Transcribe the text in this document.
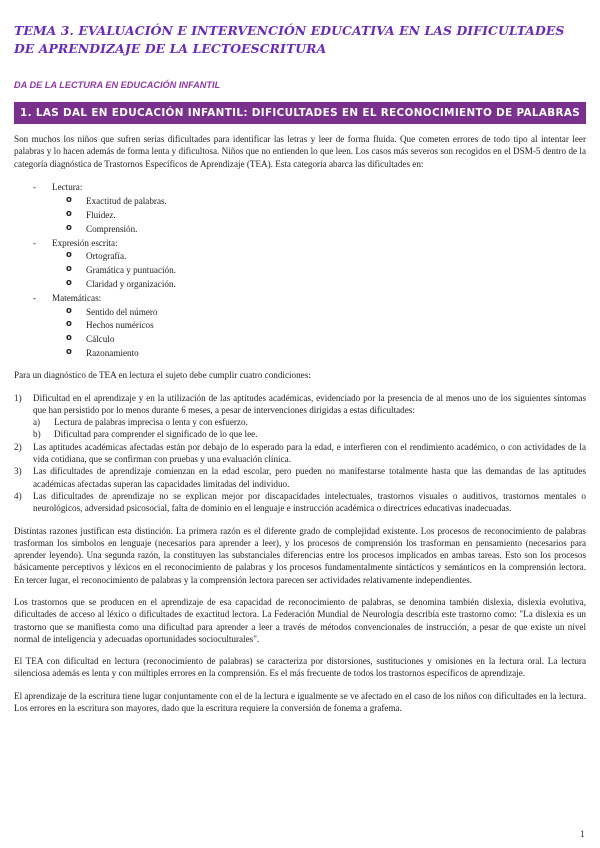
TEMA 3. EVALUACIÓN E INTERVENCIÓN EDUCATIVA EN LAS DIFICULTADES DE APRENDIZAJE DE LA LECTOESCRITURA
DA DE LA LECTURA EN EDUCACIÓN INFANTIL
1. LAS DAL EN EDUCACIÓN INFANTIL: DIFICULTADES EN EL RECONOCIMIENTO DE PALABRAS

Son muchos los niños que sufren serias dificultades para identificar las letras y leer de forma fluida. Que cometen errores de todo tipo al intentar leer palabras y lo hacen además de forma lenta y dificultosa. Niños que no entienden lo que leen. Los casos más severos son recogidos en el DSM-5 dentro de la categoría diagnóstica de Trastornos Específicos de Aprendizaje (TEA). Esta categoría abarca las dificultades en:

- Lectura:
o Exactitud de palabras.
o Fluidez.
o Comprensión.
- Expresión escrita:
o Ortografía.
o Gramática y puntuación.
o Claridad y organización.
- Matemáticas:
o Sentido del número
o Hechos numéricos
o Cálculo
o Razonamiento

Para un diagnóstico de TEA en lectura el sujeto debe cumplir cuatro condiciones:

1) Dificultad en el aprendizaje y en la utilización de las aptitudes académicas, evidenciado por la presencia de al menos uno de los siguientes síntomas que han persistido por lo menos durante 6 meses, a pesar de intervenciones dirigidas a estas dificultades:
a) Lectura de palabras imprecisa o lenta y con esfuerzo.
b) Dificultad para comprender el significado de lo que lee.
2) Las aptitudes académicas afectadas están por debajo de lo esperado para la edad, e interfieren con el rendimiento académico, o con actividades de la vida cotidiana, que se confirman con pruebas y una evaluación clínica.
3) Las dificultades de aprendizaje comienzan en la edad escolar, pero pueden no manifestarse totalmente hasta que las demandas de las aptitudes académicas afectadas superan las capacidades limitadas del individuo.
4) Las dificultades de aprendizaje no se explican mejor por discapacidades intelectuales, trastornos visuales o auditivos, trastornos mentales o neurológicos, adversidad psicosocial, falta de dominio en el lenguaje e instrucción académica o directrices educativas inadecuadas.

Distintas razones justifican esta distinción. La primera razón es el diferente grado de complejidad existente. Los procesos de reconocimiento de palabras trasforman los símbolos en lenguaje (necesarios para aprender a leer), y los procesos de comprensión los trasforman en pensamiento (necesarios para aprender leyendo). Una segunda razón, la constituyen las substanciales diferencias entre los procesos implicados en ambas tareas. Esto son los procesos básicamente perceptivos y léxicos en el reconocimiento de palabras y los procesos fundamentalmente sintácticos y semánticos en la comprensión lectora. En tercer lugar, el reconocimiento de palabras y la comprensión lectora parecen ser actividades relativamente independientes.

Los trastornos que se producen en el aprendizaje de esa capacidad de reconocimiento de palabras, se denomina también dislexia, dislexia evolutiva, dificultades de acceso al léxico o dificultades de exactitud lectora. La Federación Mundial de Neurología describía este trastorno como: "La dislexia es un trastorno que se manifiesta como una dificultad para aprender a leer a través de métodos convencionales de instrucción, a pesar de que existe un nivel normal de inteligencia y adecuadas oportunidades socioculturales".

El TEA con dificultad en lectura (reconocimiento de palabras) se caracteriza por distorsiones, sustituciones y omisiones en la lectura oral. La lectura silenciosa además es lenta y con múltiples errores en la comprensión. Es el más frecuente de todos los trastornos específicos de aprendizaje.

El aprendizaje de la escritura tiene lugar conjuntamente con el de la lectura e igualmente se ve afectado en el caso de los niños con dificultades en la lectura. Los errores en la escritura son mayores, dado que la escritura requiere la conversión de fonema a grafema.

1
